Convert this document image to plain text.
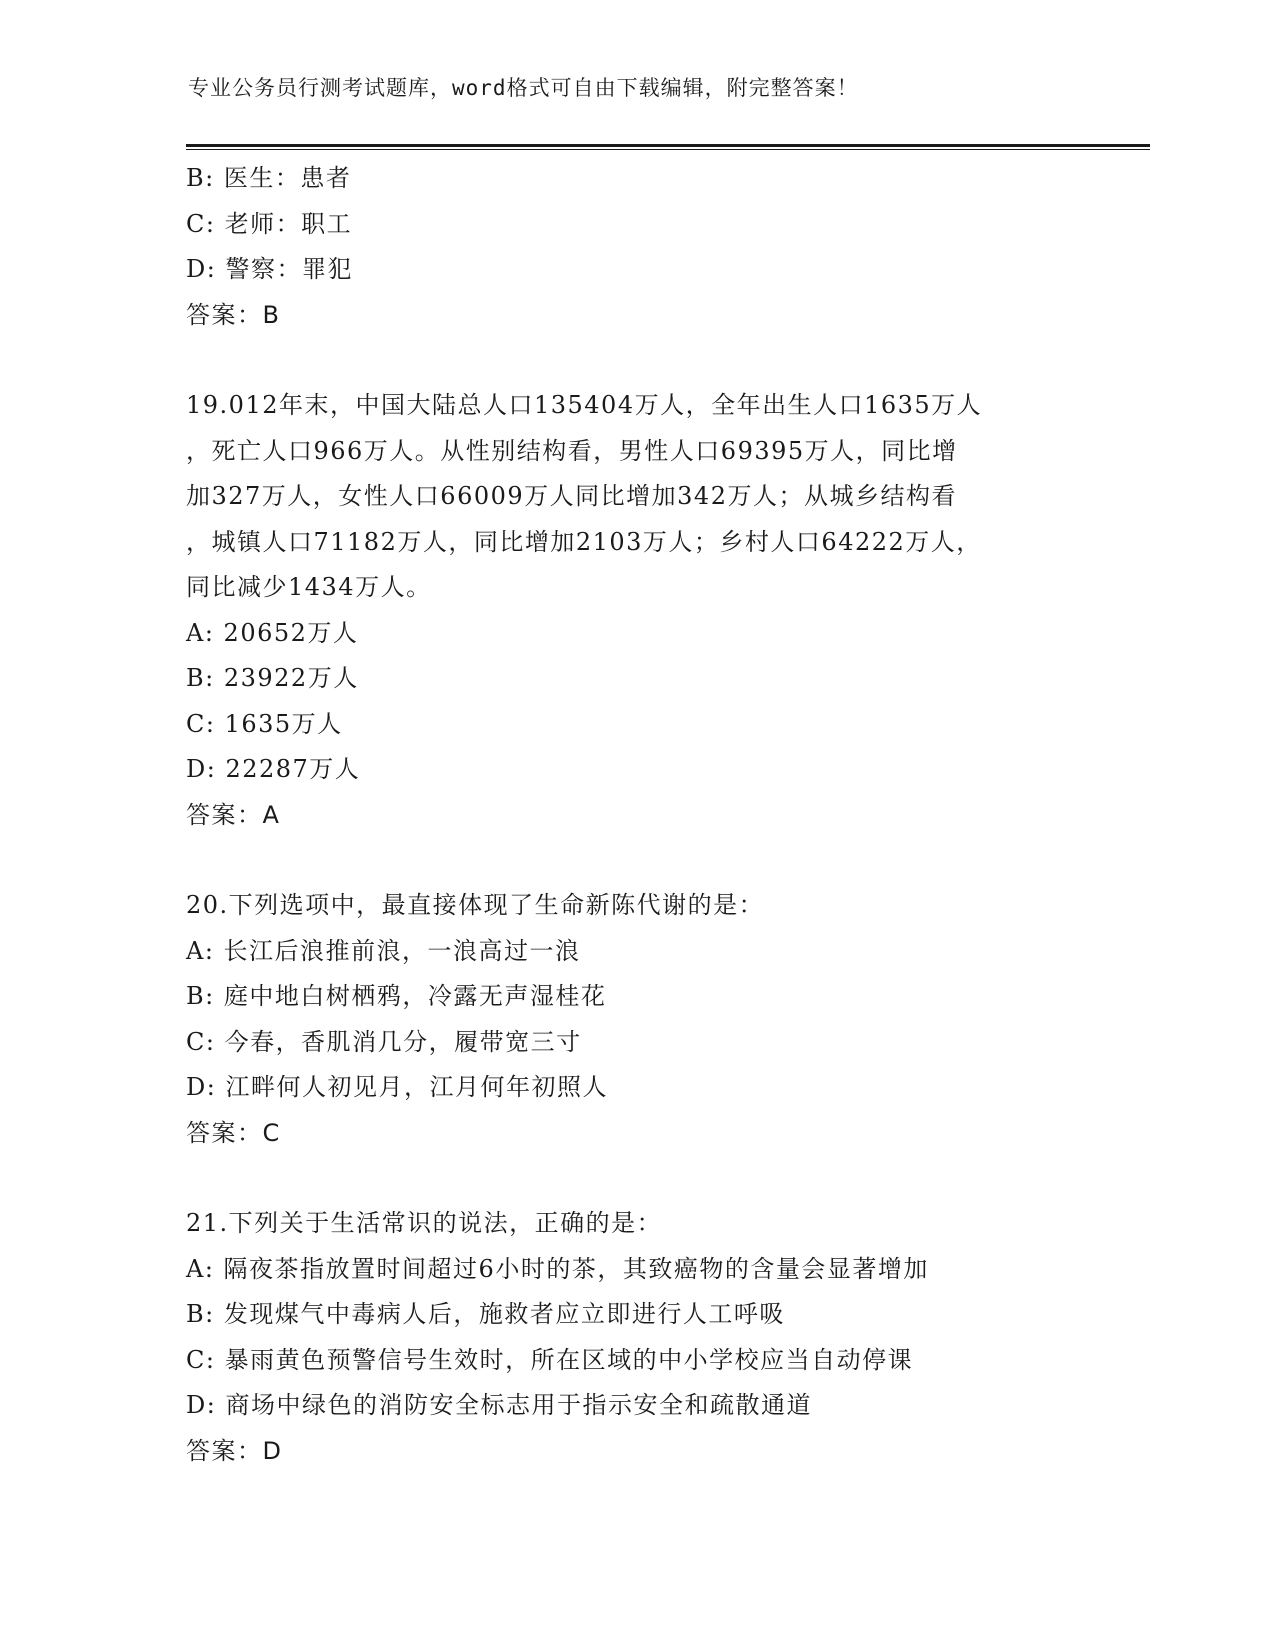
专业公务员行测考试题库，word格式可自由下载编辑，附完整答案！
B: 医生：患者
C: 老师：职工
D: 警察：罪犯
答案：B
19.012年末，中国大陆总人口135404万人，全年出生人口1635万人
，死亡人口966万人。从性别结构看，男性人口69395万人，同比增
加327万人，女性人口66009万人同比增加342万人；从城乡结构看
，城镇人口71182万人，同比增加2103万人；乡村人口64222万人，
同比减少1434万人。
A: 20652万人
B: 23922万人
C: 1635万人
D: 22287万人
答案：A
20.下列选项中，最直接体现了生命新陈代谢的是：
A: 长江后浪推前浪，一浪高过一浪
B: 庭中地白树栖鸦，冷露无声湿桂花
C: 今春，香肌消几分，履带宽三寸
D: 江畔何人初见月，江月何年初照人
答案：C
21.下列关于生活常识的说法，正确的是：
A: 隔夜茶指放置时间超过6小时的茶，其致癌物的含量会显著增加
B: 发现煤气中毒病人后，施救者应立即进行人工呼吸
C: 暴雨黄色预警信号生效时，所在区域的中小学校应当自动停课
D: 商场中绿色的消防安全标志用于指示安全和疏散通道
答案：D
